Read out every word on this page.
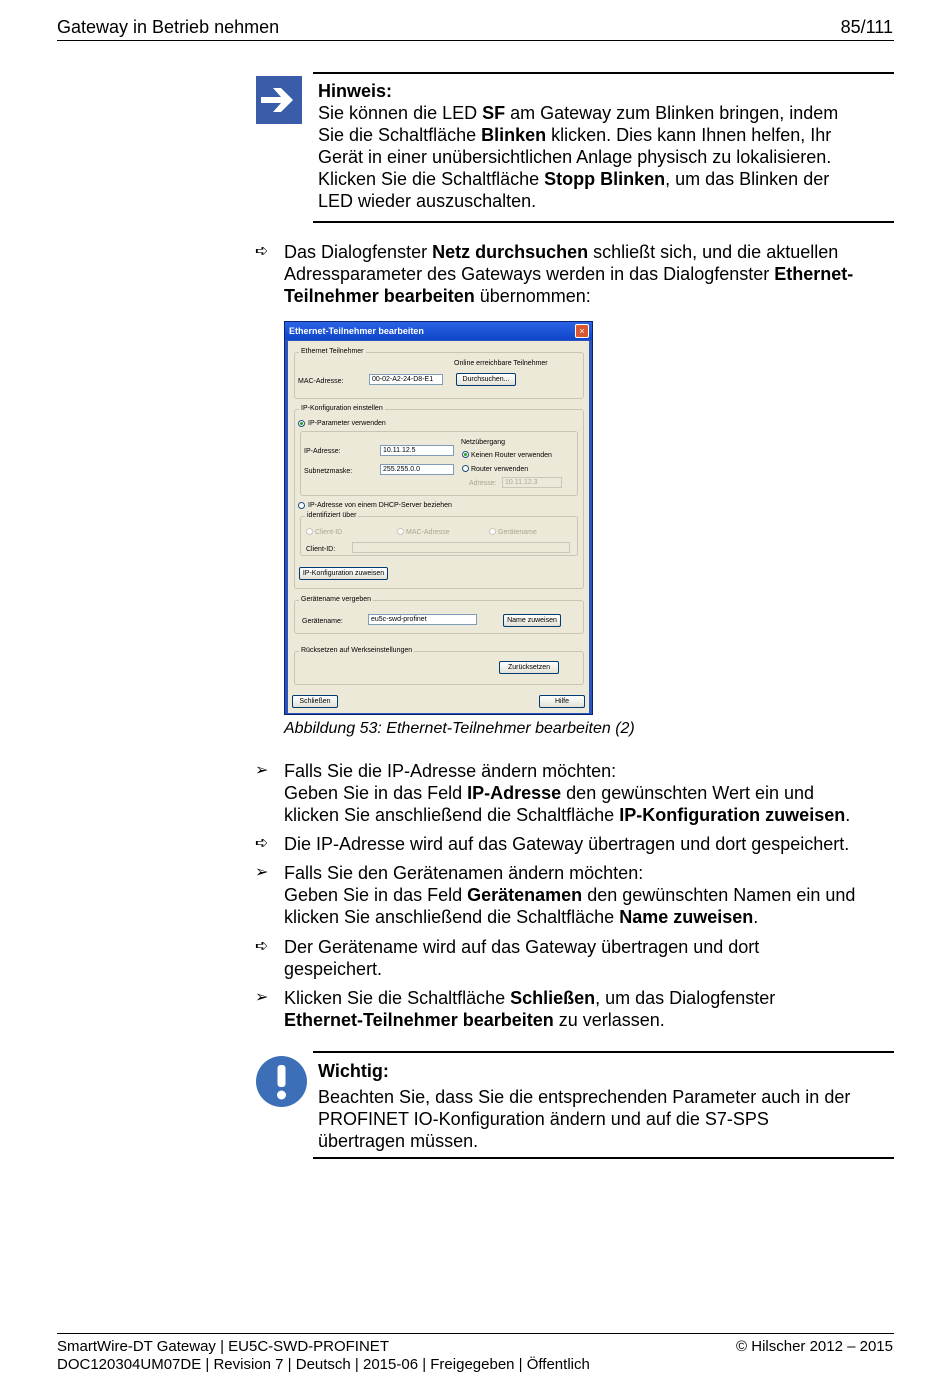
Gateway in Betrieb nehmen	85/111
Hinweis:
Sie können die LED SF am Gateway zum Blinken bringen, indem
Sie die Schaltfläche Blinken klicken. Dies kann Ihnen helfen, Ihr
Gerät in einer unübersichtlichen Anlage physisch zu lokalisieren.
Klicken Sie die Schaltfläche Stopp Blinken, um das Blinken der
LED wieder auszuschalten.
➪ Das Dialogfenster Netz durchsuchen schließt sich, und die aktuellen
Adressparameter des Gateways werden in das Dialogfenster Ethernet-
Teilnehmer bearbeiten übernommen:
Ethernet-Teilnehmer bearbeiten	×
Ethernet Teilnehmer
Online erreichbare Teilnehmer
MAC-Adresse:	00-02-A2-24-D8-E1	Durchsuchen...
IP-Konfiguration einstellen
IP-Parameter verwenden
IP-Adresse:	10.11.12.5
Subnetzmaske:	255.255.0.0
Netzübergang
Keinen Router verwenden
Router verwenden
Adresse:	10.11.12.3
IP-Adresse von einem DHCP-Server beziehen
identifiziert über
Client-ID	MAC-Adresse	Gerätename
Client-ID:
IP-Konfiguration zuweisen
Gerätename vergeben
Gerätename:	eu5c-swd-profinet	Name zuweisen
Rücksetzen auf Werkseinstellungen
Zurücksetzen
Schließen	Hilfe
Abbildung 53: Ethernet-Teilnehmer bearbeiten (2)
➢ Falls Sie die IP-Adresse ändern möchten:
Geben Sie in das Feld IP-Adresse den gewünschten Wert ein und
klicken Sie anschließend die Schaltfläche IP-Konfiguration zuweisen.
➪ Die IP-Adresse wird auf das Gateway übertragen und dort gespeichert.
➢ Falls Sie den Gerätenamen ändern möchten:
Geben Sie in das Feld Gerätenamen den gewünschten Namen ein und
klicken Sie anschließend die Schaltfläche Name zuweisen.
➪ Der Gerätename wird auf das Gateway übertragen und dort
gespeichert.
➢ Klicken Sie die Schaltfläche Schließen, um das Dialogfenster
Ethernet-Teilnehmer bearbeiten zu verlassen.
Wichtig:
Beachten Sie, dass Sie die entsprechenden Parameter auch in der
PROFINET IO-Konfiguration ändern und auf die S7-SPS
übertragen müssen.
SmartWire-DT Gateway | EU5C-SWD-PROFINET	© Hilscher 2012 – 2015
DOC120304UM07DE | Revision 7 | Deutsch | 2015-06 | Freigegeben | Öffentlich
